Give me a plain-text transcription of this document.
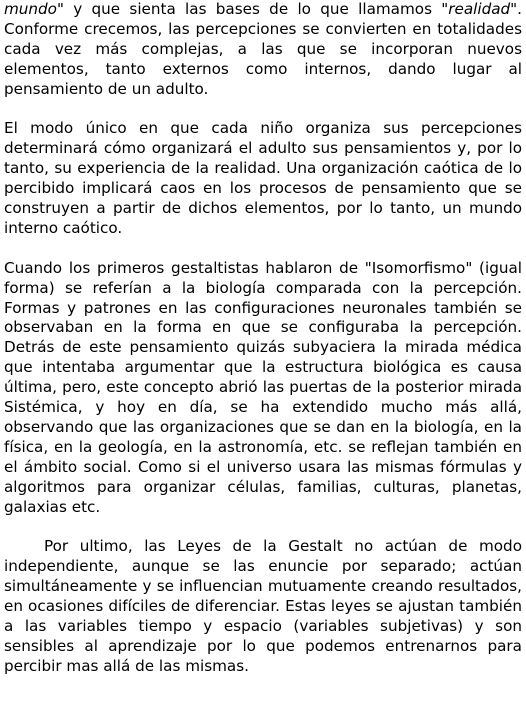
mundo" y que sienta las bases de lo que llamamos "realidad". Conforme crecemos, las percepciones se convierten en totalidades cada vez más complejas, a las que se incorporan nuevos elementos, tanto externos como internos, dando lugar al pensamiento de un adulto.

El modo único en que cada niño organiza sus percepciones determinará cómo organizará el adulto sus pensamientos y, por lo tanto, su experiencia de la realidad. Una organización caótica de lo percibido implicará caos en los procesos de pensamiento que se construyen a partir de dichos elementos, por lo tanto, un mundo interno caótico.

Cuando los primeros gestaltistas hablaron de "Isomorfismo" (igual forma) se referían a la biología comparada con la percepción. Formas y patrones en las configuraciones neuronales también se observaban en la forma en que se configuraba la percepción. Detrás de este pensamiento quizás subyaciera la mirada médica que intentaba argumentar que la estructura biológica es causa última, pero, este concepto abrió las puertas de la posterior mirada Sistémica, y hoy en día, se ha extendido mucho más allá, observando que las organizaciones que se dan en la biología, en la física, en la geología, en la astronomía, etc. se reflejan también en el ámbito social. Como si el universo usara las mismas fórmulas y algoritmos para organizar células, familias, culturas, planetas, galaxias etc.

Por ultimo, las Leyes de la Gestalt no actúan de modo independiente, aunque se las enuncie por separado; actúan simultáneamente y se influencian mutuamente creando resultados, en ocasiones difíciles de diferenciar. Estas leyes se ajustan también a las variables tiempo y espacio (variables subjetivas) y son sensibles al aprendizaje por lo que podemos entrenarnos para percibir mas allá de las mismas.
